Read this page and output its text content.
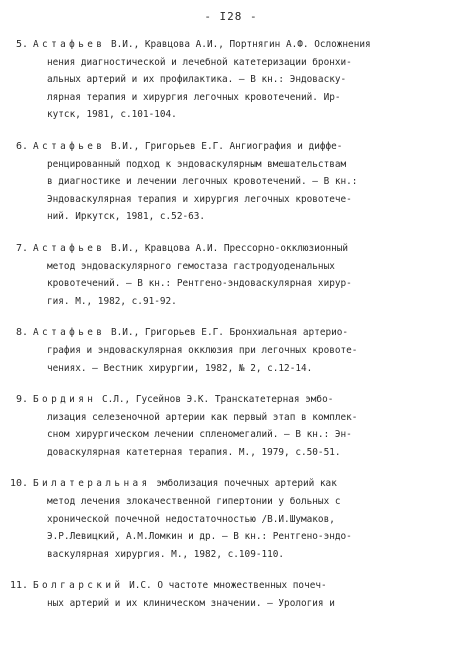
- I28 -
5. Астафьев В.И., Кравцова А.И., Портнягин А.Ф. Осложнения
нения диагностической и лечебной катетеризации бронхи-
альных артерий и их профилактика. – В кн.: Эндоваску-
лярная терапия и хирургия легочных кровотечений. Ир-
кутск, 1981, с.101-104.
6. Астафьев В.И., Григорьев Е.Г. Ангиография и диффе-
ренцированный подход к эндоваскулярным вмешательствам
в диагностике и лечении легочных кровотечений. – В кн.:
Эндоваскулярная терапия и хирургия легочных кровотече-
ний. Иркутск, 1981, с.52-63.
7. Астафьев В.И., Кравцова А.И. Прессорно-окклюзионный
метод эндоваскулярного гемостаза гастродуоденальных
кровотечений. – В кн.: Рентгено-эндоваскулярная хирур-
гия. М., 1982, с.91-92.
8. Астафьев В.И., Григорьев Е.Г. Бронхиальная артерио-
графия и эндоваскулярная окклюзия при легочных кровоте-
чениях. – Вестник хирургии, 1982, № 2, с.12-14.
9. Бордиян С.Л., Гусейнов Э.К. Транскатетерная эмбо-
лизация селезеночной артерии как первый этап в комплек-
сном хирургическом лечении спленомегалий. – В кн.: Эн-
доваскулярная катетерная терапия. М., 1979, с.50-51.
10. Билатеральная эмболизация почечных артерий как
метод лечения злокачественной гипертонии у больных с
хронической почечной недостаточностью /В.И.Шумаков,
Э.Р.Левицкий, А.М.Ломкин и др. – В кн.: Рентгено-эндо-
васкулярная хирургия. М., 1982, с.109-110.
11. Болгарский И.С. О частоте множественных почеч-
ных артерий и их клиническом значении. – Урология и
